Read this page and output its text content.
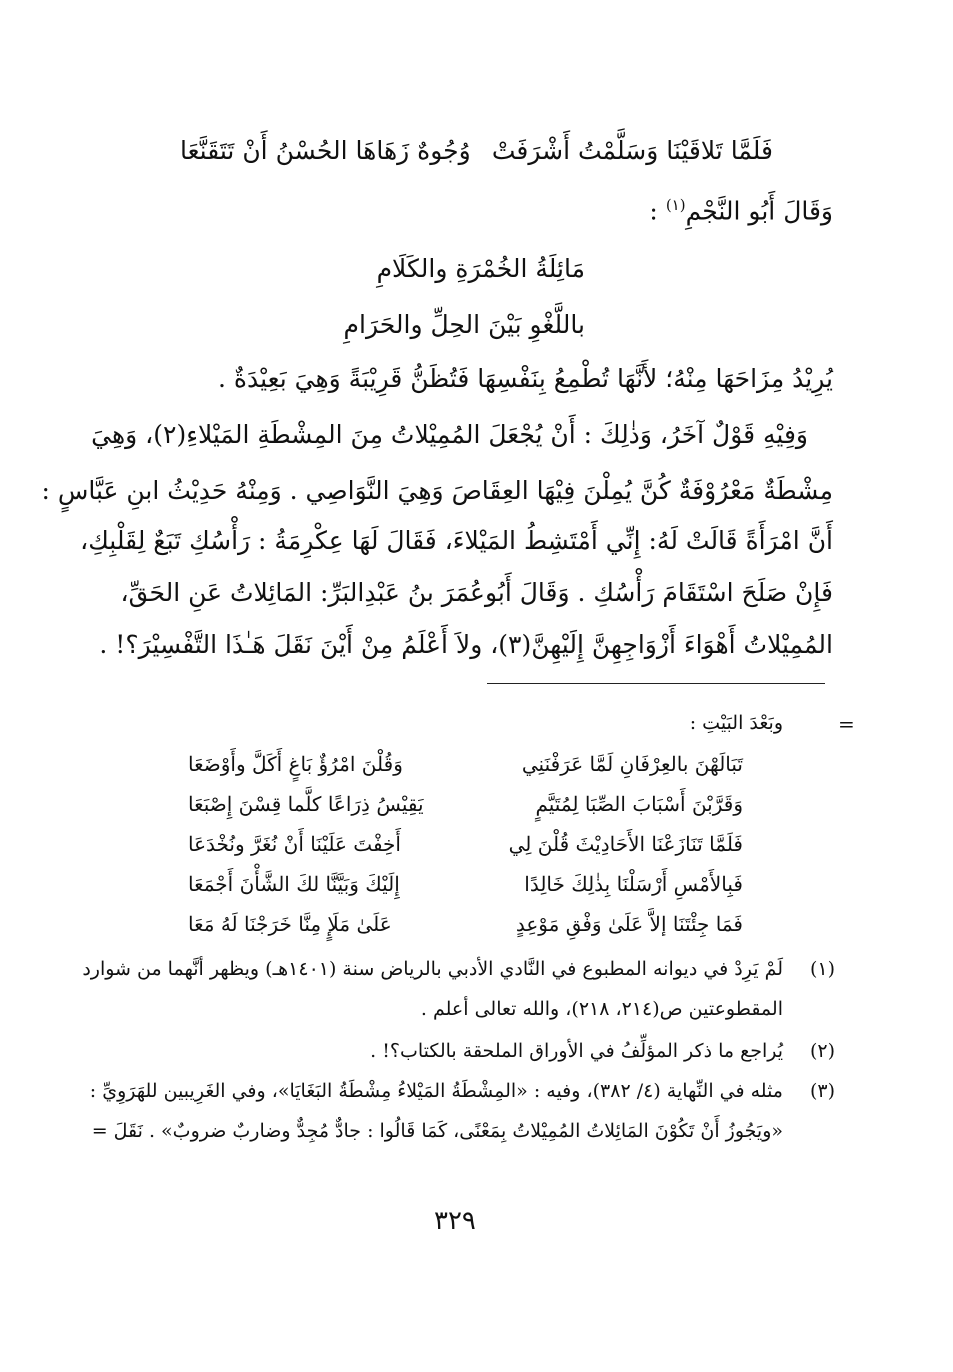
فَلَمَّا تَلاقَيْنَا وَسَلَّمْتُ أَشْرَفَتْ
وُجُوهٌ زَهَاهَا الحُسْنُ أَنْ تَتَقَنَّعَا
وَقَالَ أَبُو النَّجْمِ$^{(١)}$ :
مَائِلَةُ الخُمْرَةِ والكَلَامِ
باللَّغْوِ بَيْنَ الحِلِّ والحَرَامِ
يُرِيْدُ مِزَاحَهَا مِنْهُ؛ لأَنَّهَا تُطْمِعُ بِنَفْسِهَا فَتُظَنُّ قَرِيْبَةً وَهِيَ بَعِيْدَةٌ .
وَفِيْهِ قَوْلٌ آخَرُ، وَذٰلِكَ : أَنْ يُجْعَلَ المُمِيْلاتُ مِنَ المِشْطَةِ المَيْلاءِ(٢)، وَهِيَ
مِشْطَةٌ مَعْرُوْفَةٌ كُنَّ يُمِلْنَ فِيْهَا العِقَاصَ وَهِيَ النَّوَاصِي . وَمِنْهُ حَدِيْثُ ابنِ عَبَّاسٍ :
أَنَّ امْرَأَةً قَالَتْ لَهُ: إِنِّي أَمْتَشِطُ المَيْلاءَ، فَقَالَ لَهَا عِكْرِمَةُ : رَأْسُكِ تَبَعٌ لِقَلْبِكِ،
فَإِنْ صَلَحَ اسْتَقَامَ رَأْسُكِ . وَقَالَ أَبُوعُمَرَ بنُ عَبْدِالبَرِّ: المَائِلاتُ عَنِ الحَقِّ،
المُمِيْلاتُ أَهْوَاءَ أَزْوَاجِهِنَّ إِلَيْهِنَّ(٣)، ولاَ أَعْلَمُ مِنْ أَيْنَ نَقَلَ هَـٰذَا التَّفْسِيْرَ؟! .
=
وبَعْدَ البَيْتِ :
تَبَالَهْنَ بالعِرْفَانِ لَمَّا عَرَفْنَنِي
وَقُلْنَ امْرُؤٌ بَاغٍ أَكَلَّ وأَوْضَعَا
وَقَرَّبْنَ أَسْبَابَ الصِّبَا لِمُتَيَّمٍ
يَقِيْسُ ذِرَاعًا كلَّما قِسْنَ إِصْبَعَا
فَلَمَّا تَنَازَعْنَا الأَحَادِيْثَ قُلْنَ لِي
أَخِفْتَ عَلَيْنَا أَنْ نُغَرَّ ونُخْدَعَا
فَبِالأَمْسِ أَرْسَلْنَا بِذٰلِكَ خَالِدًا
إِلَيْكَ وَبَيَّنَّا لكَ الشَّأْنَ أَجْمَعَا
فَمَا جِئْتَنَا إلاَّ عَلَىٰ وَفْقِ مَوْعِدٍ
عَلَىٰ مَلَإٍ مِنَّا خَرَجْنَا لَهُ مَعَا
(١)
لَمْ يَرِدْ في ديوانه المطبوع في النَّادي الأدبي بالرياض سنة (١٤٠١هـ) ويظهر أنَّهما من شوارد
المقطوعتين ص(٢١٤، ٢١٨)، والله تعالى أعلم .
(٢)
يُراجع ما ذكر المؤلِّفُ في الأوراق الملحقة بالكتاب؟! .
(٣)
مثله في النِّهاية (٤/ ٣٨٢)، وفيه : «المِشْطَةُ المَيْلاءُ مِشْطَةُ البَغَايَا»، وفي الغَرِيبين للهَرَوِيِّ :
«ويَجُوزُ أَنْ تَكُوْنَ المَائِلاتُ المُمِيْلاتُ بِمَعْنًى، كَمَا قَالُوا : جادٌّ مُجِدٌّ وضاربٌ ضروبٌ» . نَقَلَ =
٣٢٩
